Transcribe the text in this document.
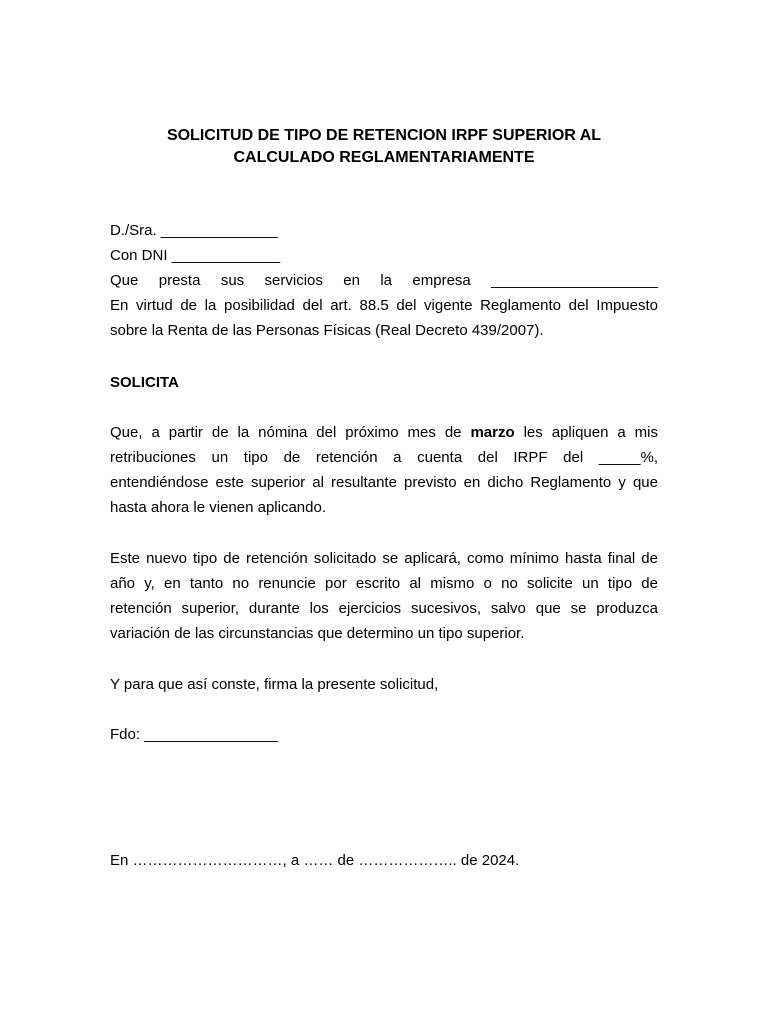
SOLICITUD DE TIPO DE RETENCION IRPF SUPERIOR AL
CALCULADO REGLAMENTARIAMENTE
D./Sra. ______________
Con DNI _____________
Que presta sus servicios en la empresa ____________________
En virtud de la posibilidad del art. 88.5 del vigente Reglamento del Impuesto
sobre la Renta de las Personas Físicas (Real Decreto 439/2007).
SOLICITA
Que, a partir de la nómina del próximo mes de marzo les apliquen a mis
retribuciones un tipo de retención a cuenta del IRPF del _____%,
entendiéndose este superior al resultante previsto en dicho Reglamento y que
hasta ahora le vienen aplicando.
Este nuevo tipo de retención solicitado se aplicará, como mínimo hasta final de
año y, en tanto no renuncie por escrito al mismo o no solicite un tipo de
retención superior, durante los ejercicios sucesivos, salvo que se produzca
variación de las circunstancias que determino un tipo superior.
Y para que así conste, firma la presente solicitud,
Fdo: ________________
En …………………………, a …… de ……………….. de 2024.
